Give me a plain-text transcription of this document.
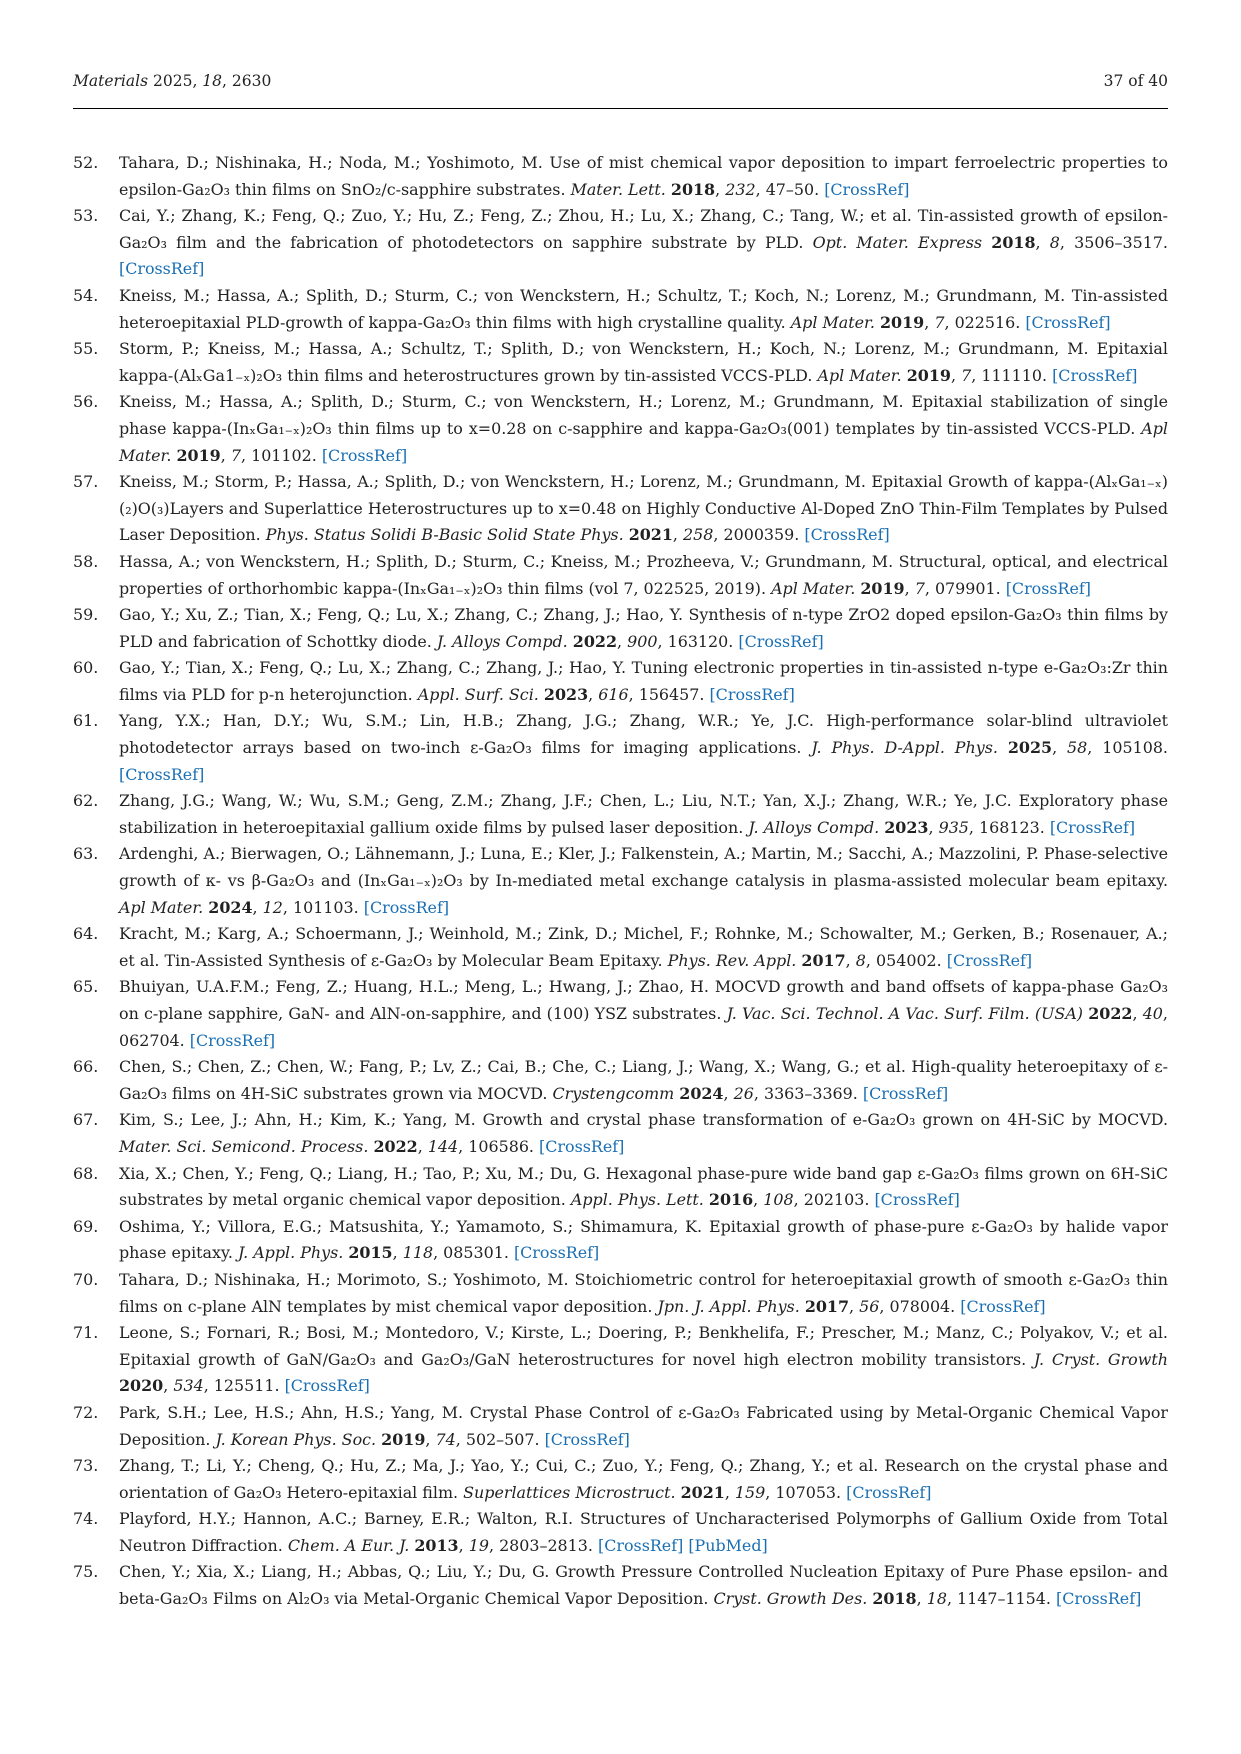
Materials 2025, 18, 2630	37 of 40
52.	Tahara, D.; Nishinaka, H.; Noda, M.; Yoshimoto, M. Use of mist chemical vapor deposition to impart ferroelectric properties to epsilon-Ga₂O₃ thin films on SnO₂/c-sapphire substrates. Mater. Lett. 2018, 232, 47–50. [CrossRef]
53.	Cai, Y.; Zhang, K.; Feng, Q.; Zuo, Y.; Hu, Z.; Feng, Z.; Zhou, H.; Lu, X.; Zhang, C.; Tang, W.; et al. Tin-assisted growth of epsilon-Ga₂O₃ film and the fabrication of photodetectors on sapphire substrate by PLD. Opt. Mater. Express 2018, 8, 3506–3517. [CrossRef]
54.	Kneiss, M.; Hassa, A.; Splith, D.; Sturm, C.; von Wenckstern, H.; Schultz, T.; Koch, N.; Lorenz, M.; Grundmann, M. Tin-assisted heteroepitaxial PLD-growth of kappa-Ga₂O₃ thin films with high crystalline quality. Apl Mater. 2019, 7, 022516. [CrossRef]
55.	Storm, P.; Kneiss, M.; Hassa, A.; Schultz, T.; Splith, D.; von Wenckstern, H.; Koch, N.; Lorenz, M.; Grundmann, M. Epitaxial kappa-(AlₓGa1₋ₓ)₂O₃ thin films and heterostructures grown by tin-assisted VCCS-PLD. Apl Mater. 2019, 7, 111110. [CrossRef]
56.	Kneiss, M.; Hassa, A.; Splith, D.; Sturm, C.; von Wenckstern, H.; Lorenz, M.; Grundmann, M. Epitaxial stabilization of single phase kappa-(InₓGa₁₋ₓ)₂O₃ thin films up to x=0.28 on c-sapphire and kappa-Ga₂O₃(001) templates by tin-assisted VCCS-PLD. Apl Mater. 2019, 7, 101102. [CrossRef]
57.	Kneiss, M.; Storm, P.; Hassa, A.; Splith, D.; von Wenckstern, H.; Lorenz, M.; Grundmann, M. Epitaxial Growth of kappa-(AlₓGa₁₋ₓ)(₂)O(₃)Layers and Superlattice Heterostructures up to x=0.48 on Highly Conductive Al-Doped ZnO Thin-Film Templates by Pulsed Laser Deposition. Phys. Status Solidi B-Basic Solid State Phys. 2021, 258, 2000359. [CrossRef]
58.	Hassa, A.; von Wenckstern, H.; Splith, D.; Sturm, C.; Kneiss, M.; Prozheeva, V.; Grundmann, M. Structural, optical, and electrical properties of orthorhombic kappa-(InₓGa₁₋ₓ)₂O₃ thin films (vol 7, 022525, 2019). Apl Mater. 2019, 7, 079901. [CrossRef]
59.	Gao, Y.; Xu, Z.; Tian, X.; Feng, Q.; Lu, X.; Zhang, C.; Zhang, J.; Hao, Y. Synthesis of n-type ZrO2 doped epsilon-Ga₂O₃ thin films by PLD and fabrication of Schottky diode. J. Alloys Compd. 2022, 900, 163120. [CrossRef]
60.	Gao, Y.; Tian, X.; Feng, Q.; Lu, X.; Zhang, C.; Zhang, J.; Hao, Y. Tuning electronic properties in tin-assisted n-type e-Ga₂O₃:Zr thin films via PLD for p-n heterojunction. Appl. Surf. Sci. 2023, 616, 156457. [CrossRef]
61.	Yang, Y.X.; Han, D.Y.; Wu, S.M.; Lin, H.B.; Zhang, J.G.; Zhang, W.R.; Ye, J.C. High-performance solar-blind ultraviolet photodetector arrays based on two-inch ε-Ga₂O₃ films for imaging applications. J. Phys. D-Appl. Phys. 2025, 58, 105108. [CrossRef]
62.	Zhang, J.G.; Wang, W.; Wu, S.M.; Geng, Z.M.; Zhang, J.F.; Chen, L.; Liu, N.T.; Yan, X.J.; Zhang, W.R.; Ye, J.C. Exploratory phase stabilization in heteroepitaxial gallium oxide films by pulsed laser deposition. J. Alloys Compd. 2023, 935, 168123. [CrossRef]
63.	Ardenghi, A.; Bierwagen, O.; Lähnemann, J.; Luna, E.; Kler, J.; Falkenstein, A.; Martin, M.; Sacchi, A.; Mazzolini, P. Phase-selective growth of κ- vs β-Ga₂O₃ and (InₓGa₁₋ₓ)₂O₃ by In-mediated metal exchange catalysis in plasma-assisted molecular beam epitaxy. Apl Mater. 2024, 12, 101103. [CrossRef]
64.	Kracht, M.; Karg, A.; Schoermann, J.; Weinhold, M.; Zink, D.; Michel, F.; Rohnke, M.; Schowalter, M.; Gerken, B.; Rosenauer, A.; et al. Tin-Assisted Synthesis of ε-Ga₂O₃ by Molecular Beam Epitaxy. Phys. Rev. Appl. 2017, 8, 054002. [CrossRef]
65.	Bhuiyan, U.A.F.M.; Feng, Z.; Huang, H.L.; Meng, L.; Hwang, J.; Zhao, H. MOCVD growth and band offsets of kappa-phase Ga₂O₃ on c-plane sapphire, GaN- and AlN-on-sapphire, and (100) YSZ substrates. J. Vac. Sci. Technol. A Vac. Surf. Film. (USA) 2022, 40, 062704. [CrossRef]
66.	Chen, S.; Chen, Z.; Chen, W.; Fang, P.; Lv, Z.; Cai, B.; Che, C.; Liang, J.; Wang, X.; Wang, G.; et al. High-quality heteroepitaxy of ε-Ga₂O₃ films on 4H-SiC substrates grown via MOCVD. Crystengcomm 2024, 26, 3363–3369. [CrossRef]
67.	Kim, S.; Lee, J.; Ahn, H.; Kim, K.; Yang, M. Growth and crystal phase transformation of e-Ga₂O₃ grown on 4H-SiC by MOCVD. Mater. Sci. Semicond. Process. 2022, 144, 106586. [CrossRef]
68.	Xia, X.; Chen, Y.; Feng, Q.; Liang, H.; Tao, P.; Xu, M.; Du, G. Hexagonal phase-pure wide band gap ε-Ga₂O₃ films grown on 6H-SiC substrates by metal organic chemical vapor deposition. Appl. Phys. Lett. 2016, 108, 202103. [CrossRef]
69.	Oshima, Y.; Villora, E.G.; Matsushita, Y.; Yamamoto, S.; Shimamura, K. Epitaxial growth of phase-pure ε-Ga₂O₃ by halide vapor phase epitaxy. J. Appl. Phys. 2015, 118, 085301. [CrossRef]
70.	Tahara, D.; Nishinaka, H.; Morimoto, S.; Yoshimoto, M. Stoichiometric control for heteroepitaxial growth of smooth ε-Ga₂O₃ thin films on c-plane AlN templates by mist chemical vapor deposition. Jpn. J. Appl. Phys. 2017, 56, 078004. [CrossRef]
71.	Leone, S.; Fornari, R.; Bosi, M.; Montedoro, V.; Kirste, L.; Doering, P.; Benkhelifa, F.; Prescher, M.; Manz, C.; Polyakov, V.; et al. Epitaxial growth of GaN/Ga₂O₃ and Ga₂O₃/GaN heterostructures for novel high electron mobility transistors. J. Cryst. Growth 2020, 534, 125511. [CrossRef]
72.	Park, S.H.; Lee, H.S.; Ahn, H.S.; Yang, M. Crystal Phase Control of ε-Ga₂O₃ Fabricated using by Metal-Organic Chemical Vapor Deposition. J. Korean Phys. Soc. 2019, 74, 502–507. [CrossRef]
73.	Zhang, T.; Li, Y.; Cheng, Q.; Hu, Z.; Ma, J.; Yao, Y.; Cui, C.; Zuo, Y.; Feng, Q.; Zhang, Y.; et al. Research on the crystal phase and orientation of Ga₂O₃ Hetero-epitaxial film. Superlattices Microstruct. 2021, 159, 107053. [CrossRef]
74.	Playford, H.Y.; Hannon, A.C.; Barney, E.R.; Walton, R.I. Structures of Uncharacterised Polymorphs of Gallium Oxide from Total Neutron Diffraction. Chem. A Eur. J. 2013, 19, 2803–2813. [CrossRef] [PubMed]
75.	Chen, Y.; Xia, X.; Liang, H.; Abbas, Q.; Liu, Y.; Du, G. Growth Pressure Controlled Nucleation Epitaxy of Pure Phase epsilon- and beta-Ga₂O₃ Films on Al₂O₃ via Metal-Organic Chemical Vapor Deposition. Cryst. Growth Des. 2018, 18, 1147–1154. [CrossRef]
